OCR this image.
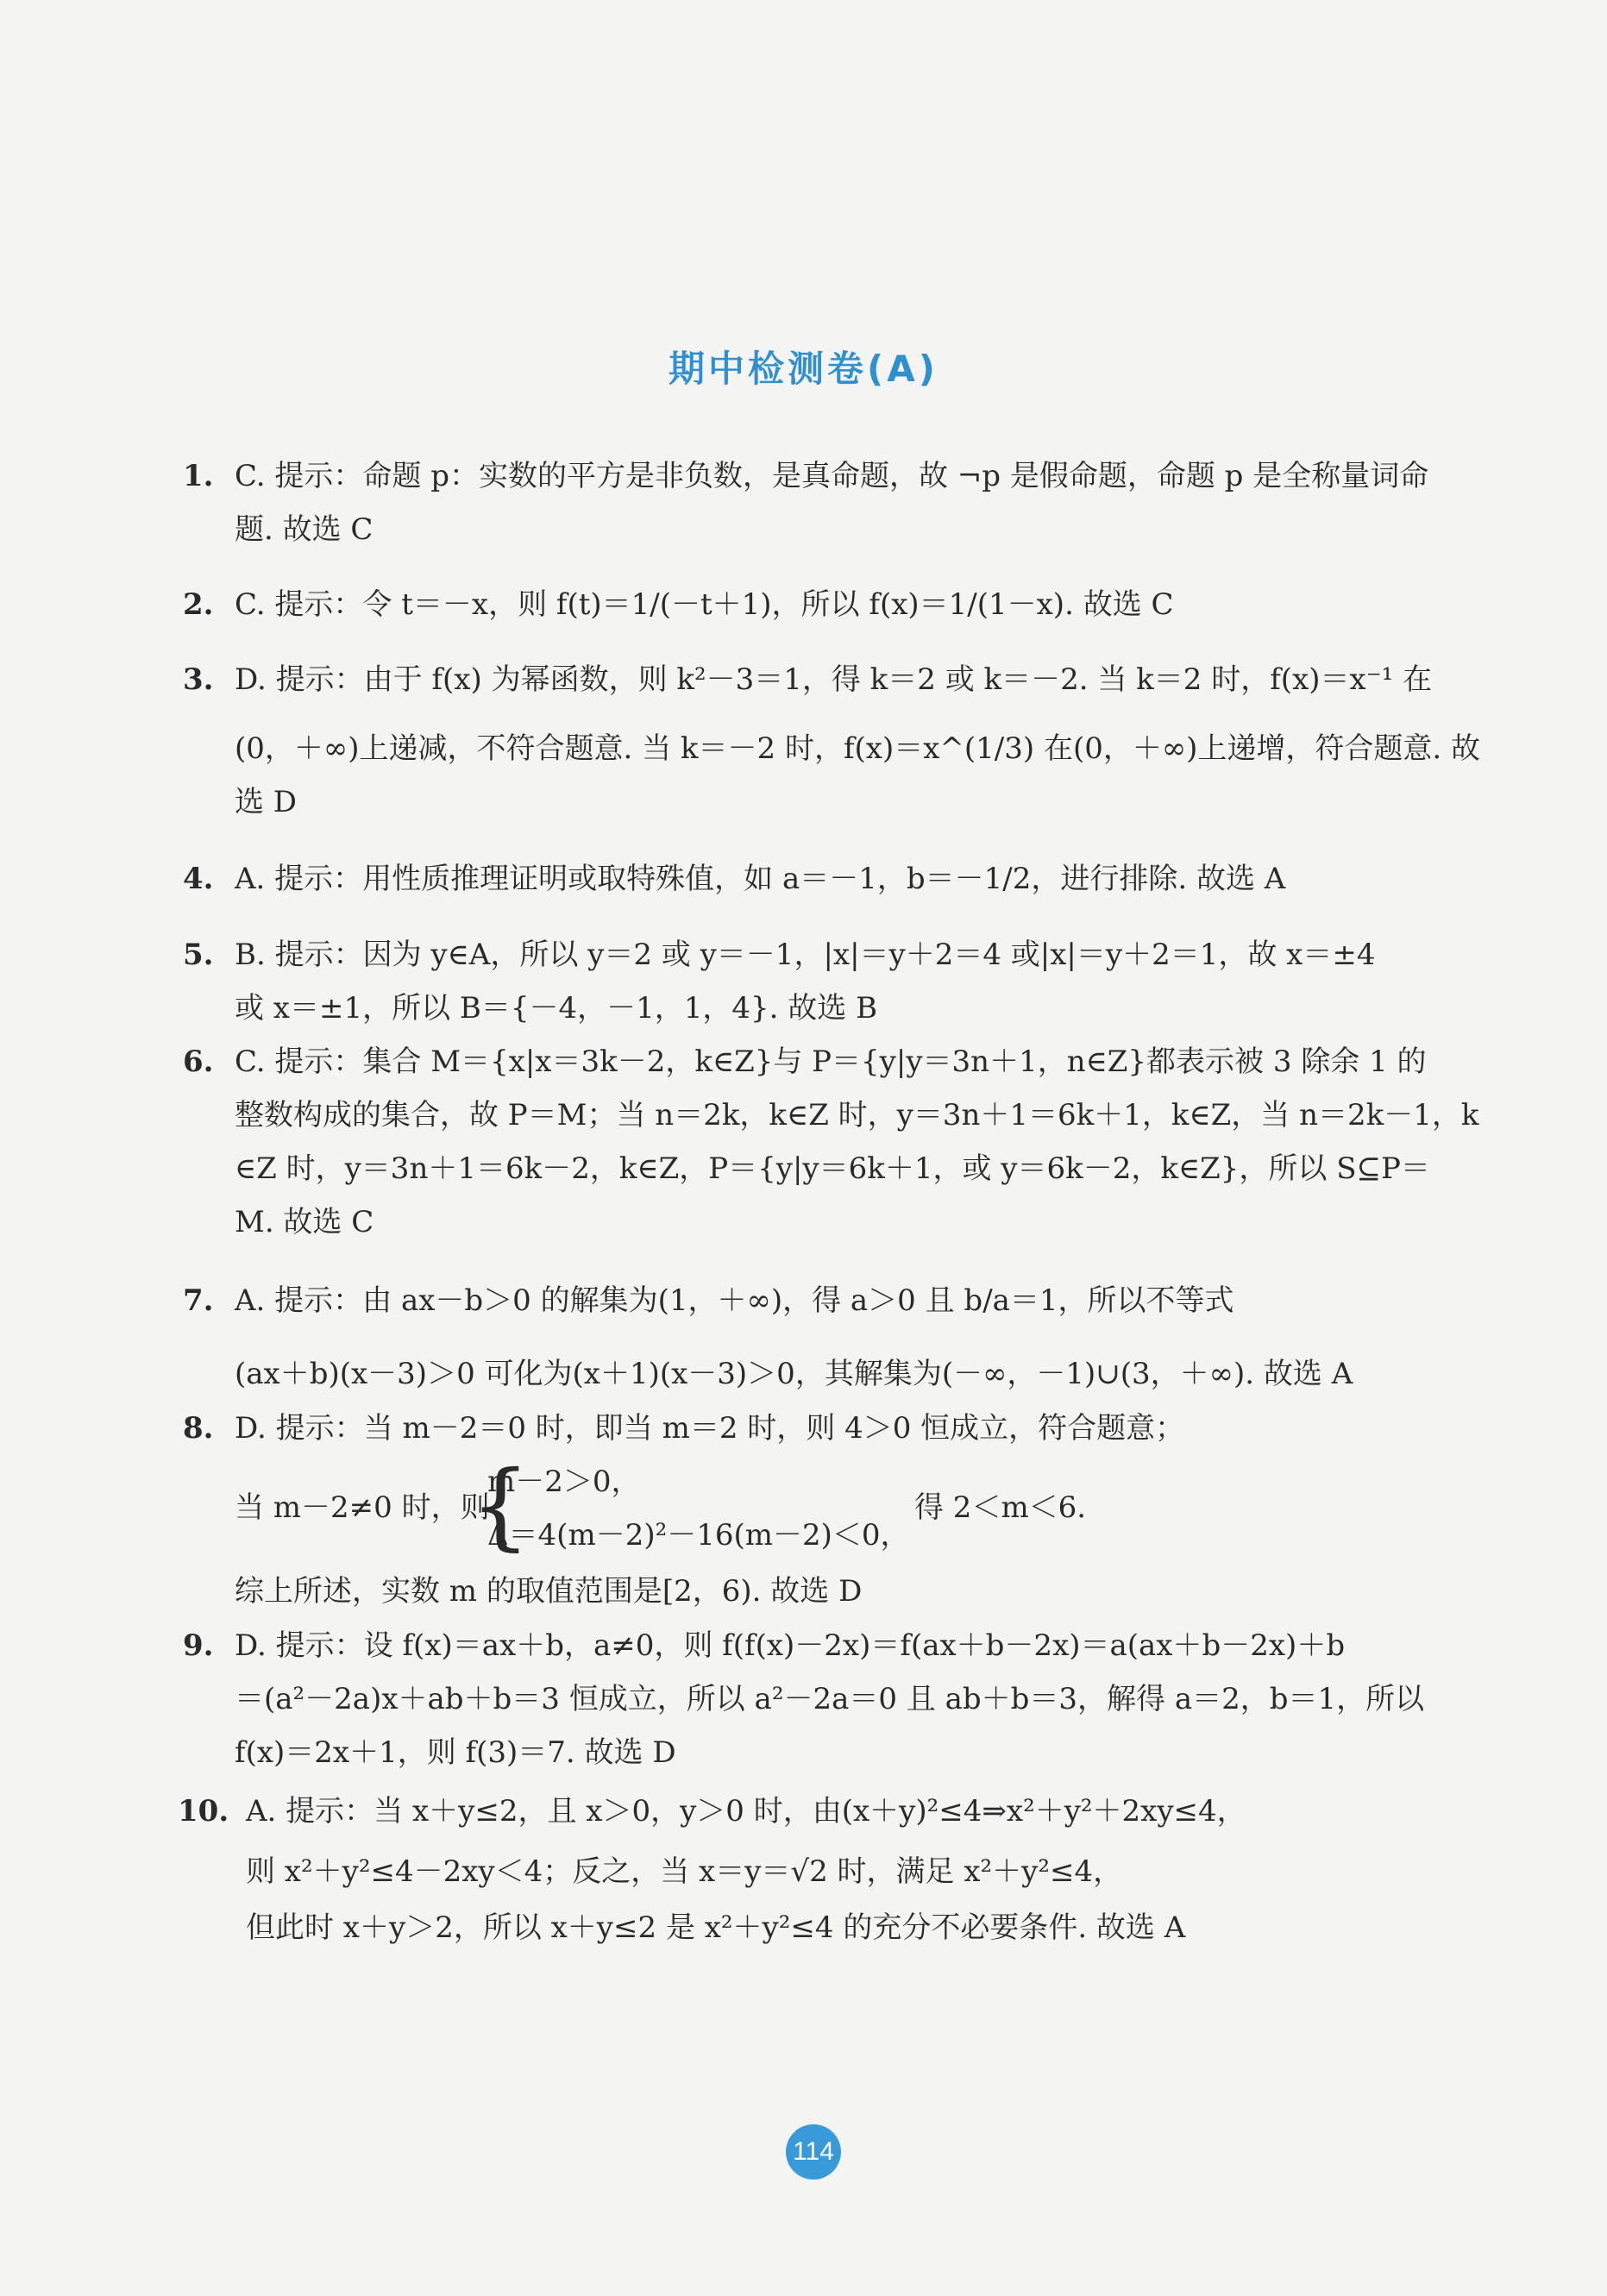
期中检测卷(A)
1. C. 提示：命题 p：实数的平方是非负数，是真命题，故 ¬p 是假命题，命题 p 是全称量词命
题. 故选 C
2. C. 提示：令 t＝－x，则 f(t)＝1/(－t＋1)，所以 f(x)＝1/(1－x). 故选 C
3. D. 提示：由于 f(x) 为幂函数，则 k²－3＝1，得 k＝2 或 k＝－2. 当 k＝2 时，f(x)＝x⁻¹ 在
(0，＋∞)上递减，不符合题意. 当 k＝－2 时，f(x)＝x^(1/3) 在(0，＋∞)上递增，符合题意. 故
选 D
4. A. 提示：用性质推理证明或取特殊值，如 a＝－1，b＝－1/2，进行排除. 故选 A
5. B. 提示：因为 y∈A，所以 y＝2 或 y＝－1，|x|＝y＋2＝4 或|x|＝y＋2＝1，故 x＝±4
或 x＝±1，所以 B＝{－4，－1，1，4}. 故选 B
6. C. 提示：集合 M＝{x|x＝3k－2，k∈Z}与 P＝{y|y＝3n＋1，n∈Z}都表示被 3 除余 1 的
整数构成的集合，故 P＝M；当 n＝2k，k∈Z 时，y＝3n＋1＝6k＋1，k∈Z，当 n＝2k－1，k
∈Z 时，y＝3n＋1＝6k－2，k∈Z，P＝{y|y＝6k＋1，或 y＝6k－2，k∈Z}，所以 S⊆P＝
M. 故选 C
7. A. 提示：由 ax－b＞0 的解集为(1，＋∞)，得 a＞0 且 b/a＝1，所以不等式
(ax＋b)(x－3)＞0 可化为(x＋1)(x－3)＞0，其解集为(－∞，－1)∪(3，＋∞). 故选 A
8. D. 提示：当 m－2＝0 时，即当 m＝2 时，则 4＞0 恒成立，符合题意；
当 m－2≠0 时，则
{
m－2＞0，
Δ＝4(m－2)²－16(m－2)＜0，
得 2＜m＜6.
综上所述，实数 m 的取值范围是[2，6). 故选 D
9. D. 提示：设 f(x)＝ax＋b，a≠0，则 f(f(x)－2x)＝f(ax＋b－2x)＝a(ax＋b－2x)＋b
＝(a²－2a)x＋ab＋b＝3 恒成立，所以 a²－2a＝0 且 ab＋b＝3，解得 a＝2，b＝1，所以
f(x)＝2x＋1，则 f(3)＝7. 故选 D
10. A. 提示：当 x＋y≤2，且 x＞0，y＞0 时，由(x＋y)²≤4⇒x²＋y²＋2xy≤4，
则 x²＋y²≤4－2xy＜4；反之，当 x＝y＝√2 时，满足 x²＋y²≤4，
但此时 x＋y＞2，所以 x＋y≤2 是 x²＋y²≤4 的充分不必要条件. 故选 A
114
